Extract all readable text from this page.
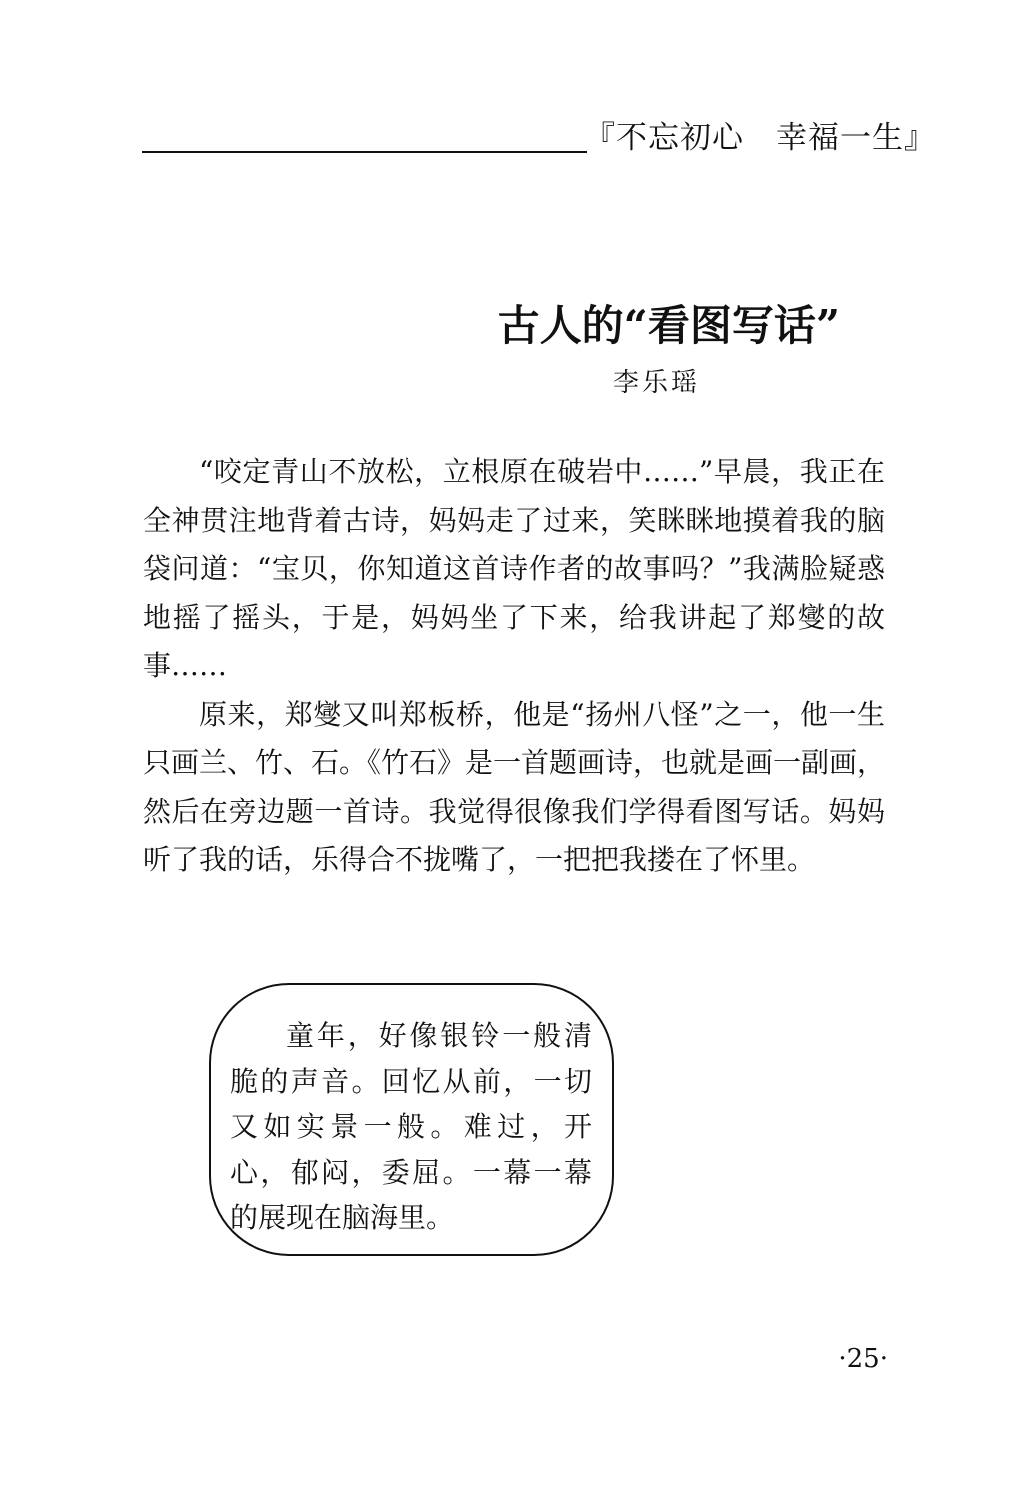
『不忘初心　幸福一生』
古人的“看图写话”
李乐瑶

“咬定青山不放松，立根原在破岩中……”早晨，我正在全神贯注地背着古诗，妈妈走了过来，笑眯眯地摸着我的脑袋问道：“宝贝，你知道这首诗作者的故事吗？”我满脸疑惑地摇了摇头，于是，妈妈坐了下来，给我讲起了郑燮的故事……

原来，郑燮又叫郑板桥，他是“扬州八怪”之一，他一生只画兰、竹、石。《竹石》是一首题画诗，也就是画一副画，然后在旁边题一首诗。我觉得很像我们学得看图写话。妈妈听了我的话，乐得合不拢嘴了，一把把我搂在了怀里。

童年，好像银铃一般清脆的声音。回忆从前，一切又如实景一般。难过，开心，郁闷，委屈。一幕一幕的展现在脑海里。

·25·
